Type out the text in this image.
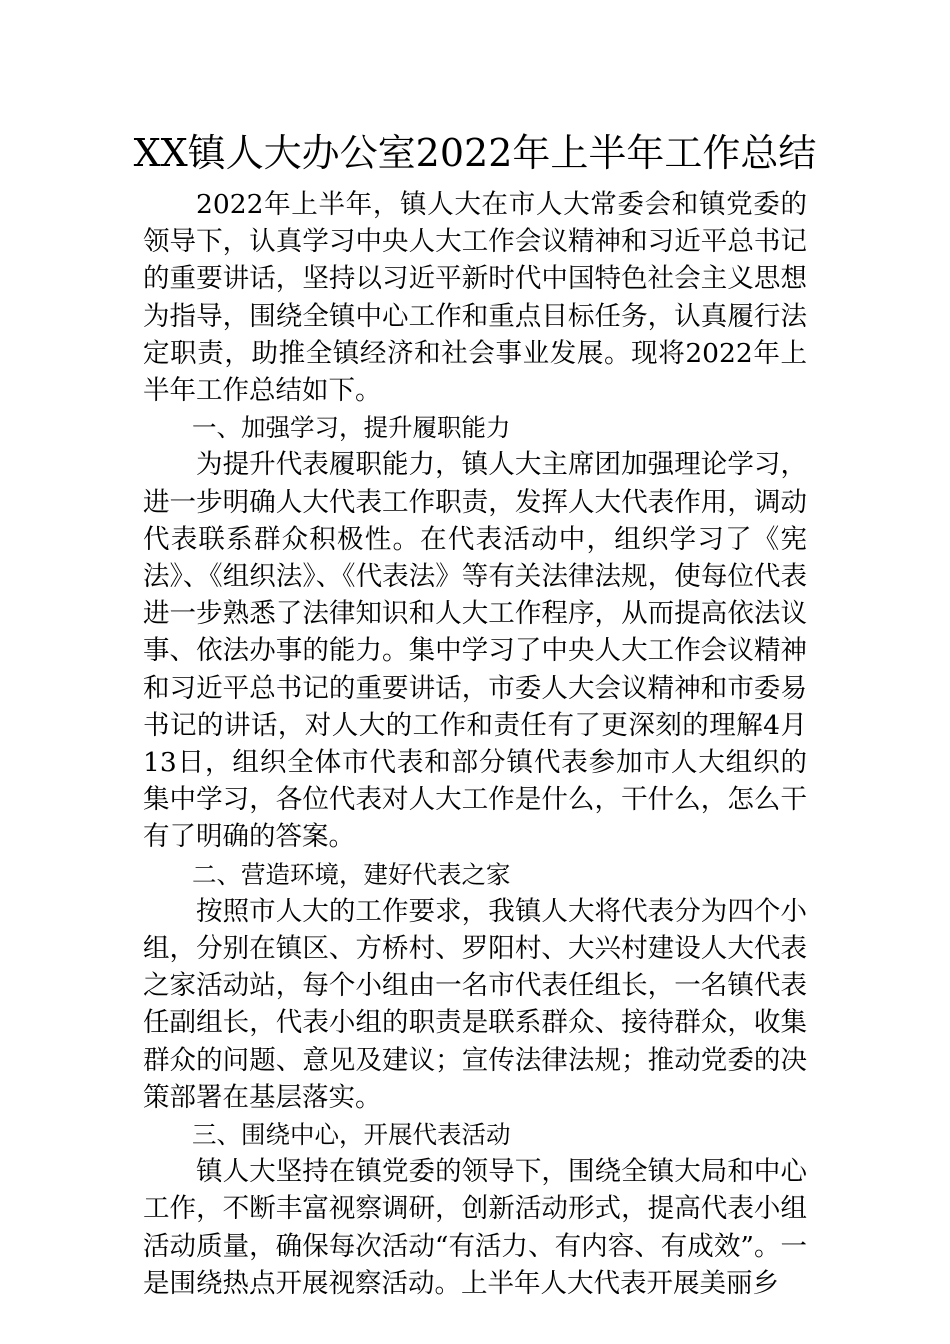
XX镇人大办公室2022年上半年工作总结

2022年上半年，镇人大在市人大常委会和镇党委的领导下，认真学习中央人大工作会议精神和习近平总书记的重要讲话，坚持以习近平新时代中国特色社会主义思想为指导，围绕全镇中心工作和重点目标任务，认真履行法定职责，助推全镇经济和社会事业发展。现将2022年上半年工作总结如下。

一、加强学习，提升履职能力

为提升代表履职能力，镇人大主席团加强理论学习，进一步明确人大代表工作职责，发挥人大代表作用，调动代表联系群众积极性。在代表活动中，组织学习了《宪法》、《组织法》、《代表法》等有关法律法规，使每位代表进一步熟悉了法律知识和人大工作程序，从而提高依法议事、依法办事的能力。集中学习了中央人大工作会议精神和习近平总书记的重要讲话，市委人大会议精神和市委易书记的讲话，对人大的工作和责任有了更深刻的理解4月13日，组织全体市代表和部分镇代表参加市人大组织的集中学习，各位代表对人大工作是什么，干什么，怎么干有了明确的答案。

二、营造环境，建好代表之家

按照市人大的工作要求，我镇人大将代表分为四个小组，分别在镇区、方桥村、罗阳村、大兴村建设人大代表之家活动站，每个小组由一名市代表任组长，一名镇代表任副组长，代表小组的职责是联系群众、接待群众，收集群众的问题、意见及建议；宣传法律法规；推动党委的决策部署在基层落实。

三、围绕中心，开展代表活动

镇人大坚持在镇党委的领导下，围绕全镇大局和中心工作，不断丰富视察调研，创新活动形式，提高代表小组活动质量，确保每次活动“有活力、有内容、有成效”。一是围绕热点开展视察活动。上半年人大代表开展美丽乡
